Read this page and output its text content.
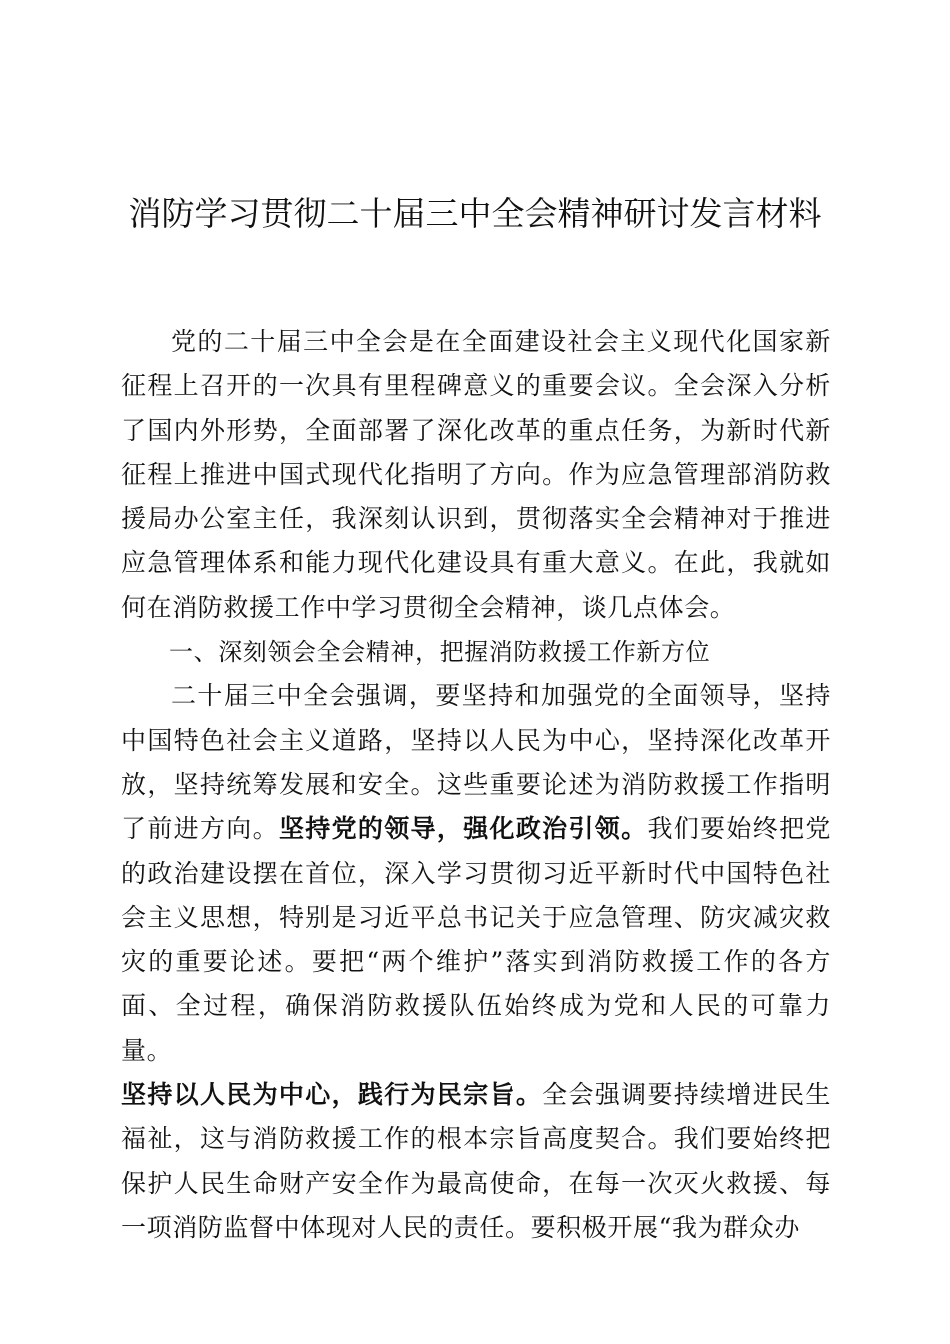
消防学习贯彻二十届三中全会精神研讨发言材料

党的二十届三中全会是在全面建设社会主义现代化国家新征程上召开的一次具有里程碑意义的重要会议。全会深入分析了国内外形势，全面部署了深化改革的重点任务，为新时代新征程上推进中国式现代化指明了方向。作为应急管理部消防救援局办公室主任，我深刻认识到，贯彻落实全会精神对于推进应急管理体系和能力现代化建设具有重大意义。在此，我就如何在消防救援工作中学习贯彻全会精神，谈几点体会。

一、深刻领会全会精神，把握消防救援工作新方位

二十届三中全会强调，要坚持和加强党的全面领导，坚持中国特色社会主义道路，坚持以人民为中心，坚持深化改革开放，坚持统筹发展和安全。这些重要论述为消防救援工作指明了前进方向。坚持党的领导，强化政治引领。我们要始终把党的政治建设摆在首位，深入学习贯彻习近平新时代中国特色社会主义思想，特别是习近平总书记关于应急管理、防灾减灾救灾的重要论述。要把“两个维护”落实到消防救援工作的各方面、全过程，确保消防救援队伍始终成为党和人民的可靠力量。
坚持以人民为中心，践行为民宗旨。全会强调要持续增进民生福祉，这与消防救援工作的根本宗旨高度契合。我们要始终把保护人民生命财产安全作为最高使命，在每一次灭火救援、每一项消防监督中体现对人民的责任。要积极开展“我为群众办
